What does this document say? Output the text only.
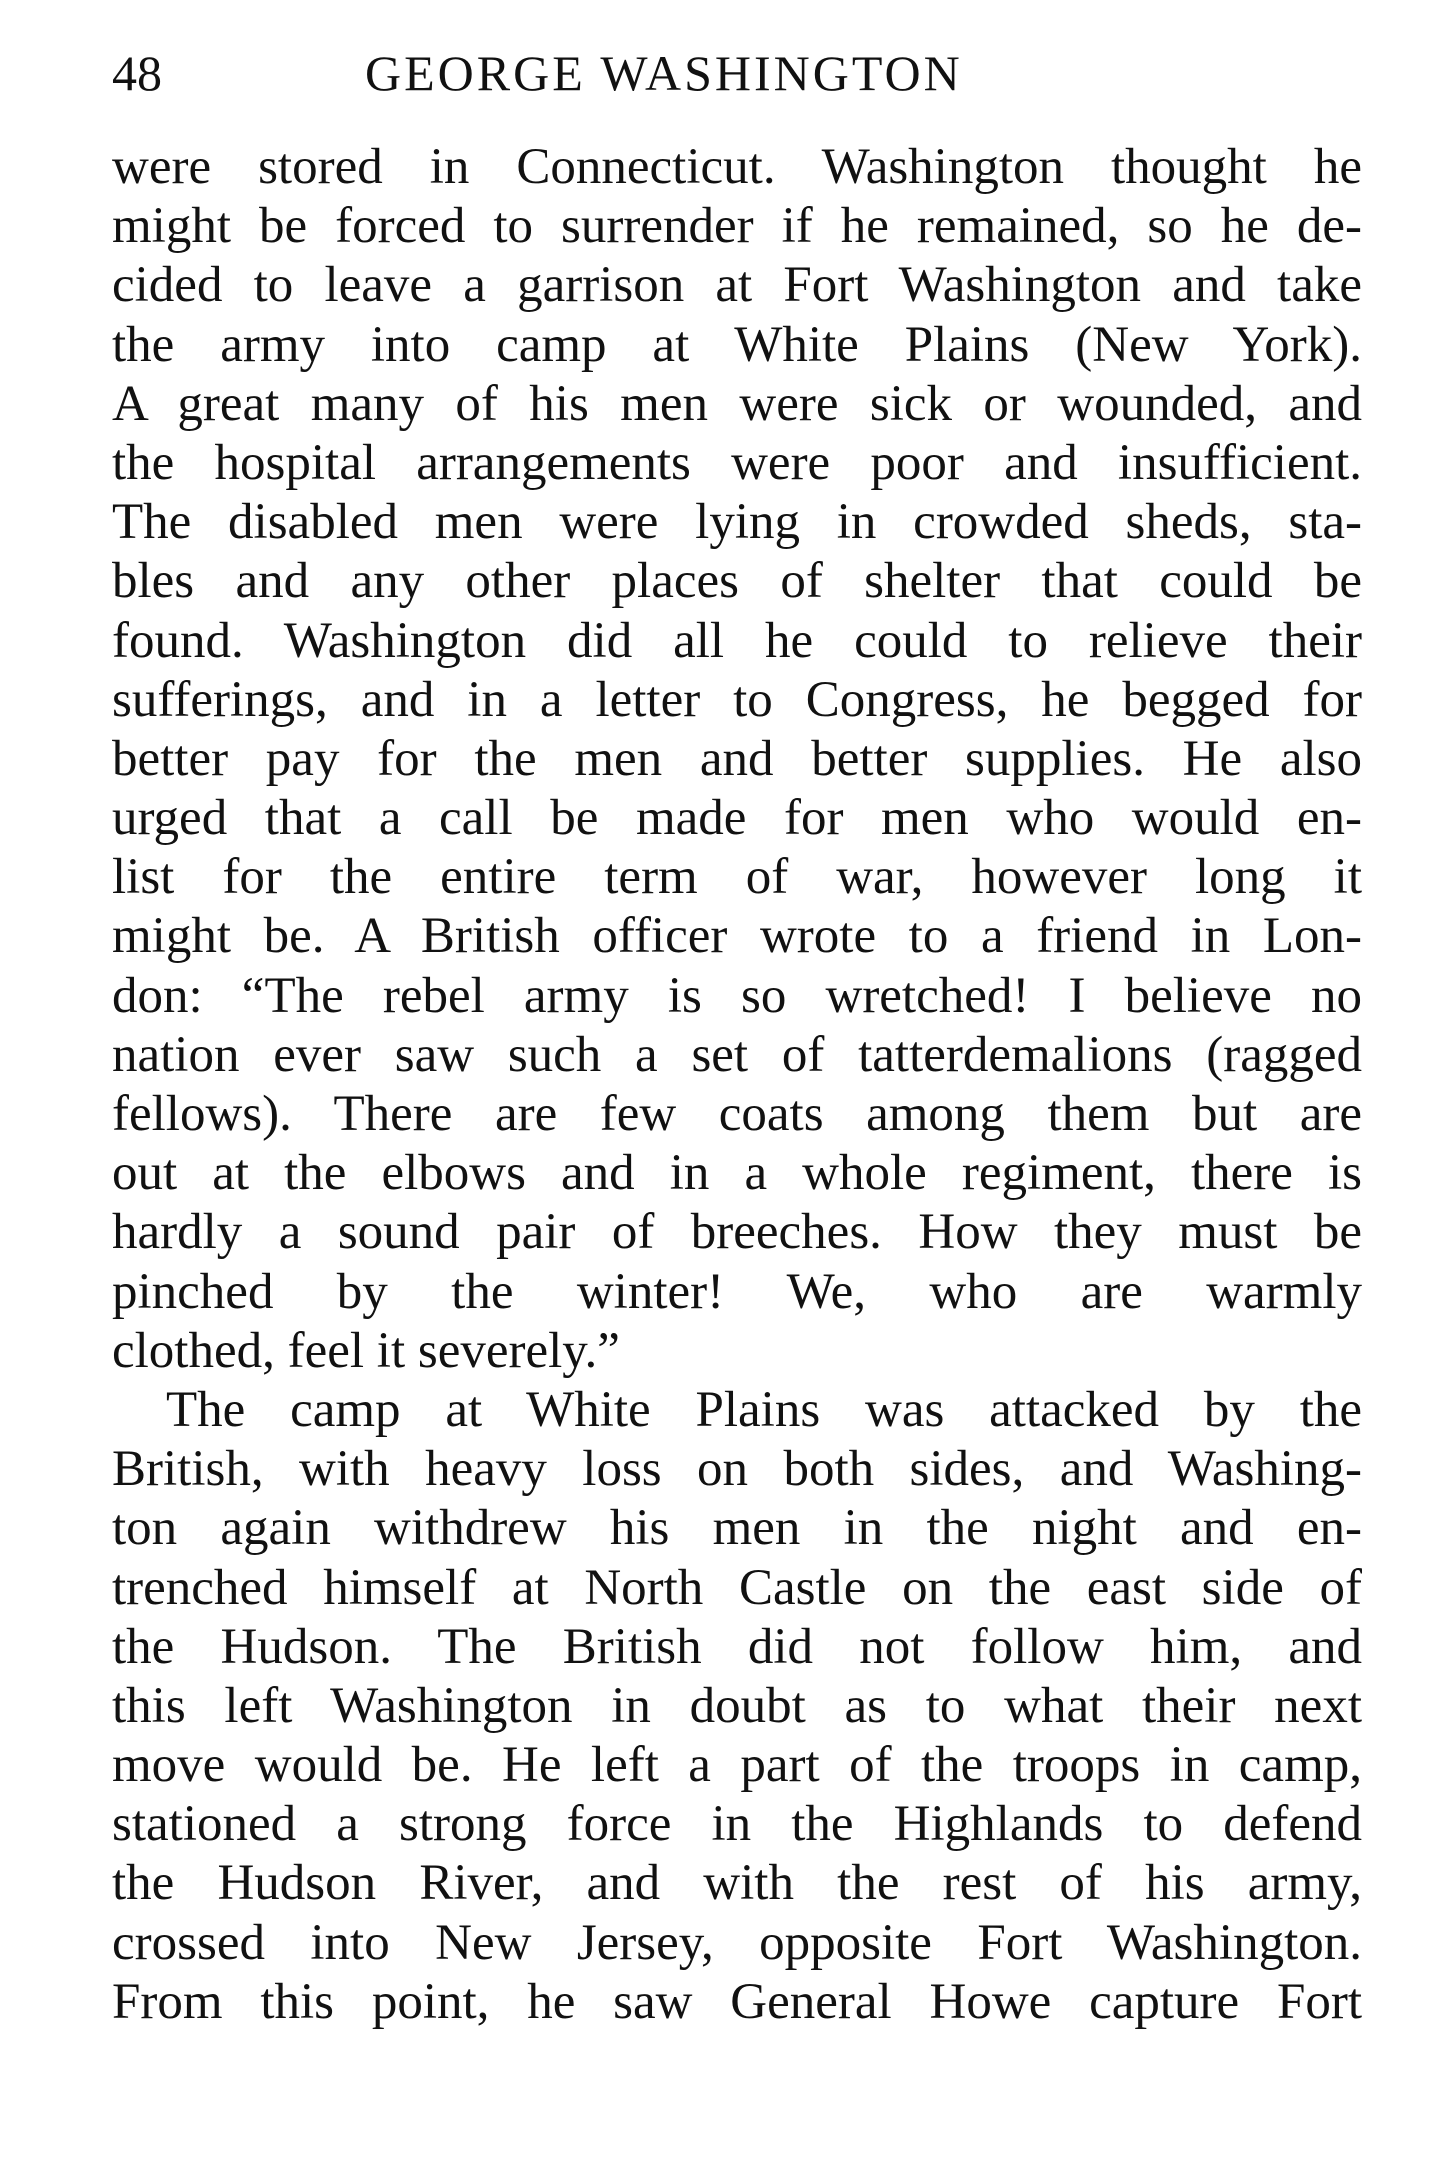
48	GEORGE WASHINGTON
were stored in Connecticut. Washington thought he
might be forced to surrender if he remained, so he de-
cided to leave a garrison at Fort Washington and take
the army into camp at White Plains (New York).
A great many of his men were sick or wounded, and
the hospital arrangements were poor and insufficient.
The disabled men were lying in crowded sheds, sta-
bles and any other places of shelter that could be
found. Washington did all he could to relieve their
sufferings, and in a letter to Congress, he begged for
better pay for the men and better supplies. He also
urged that a call be made for men who would en-
list for the entire term of war, however long it
might be. A British officer wrote to a friend in Lon-
don: “The rebel army is so wretched! I believe no
nation ever saw such a set of tatterdemalions (ragged
fellows). There are few coats among them but are
out at the elbows and in a whole regiment, there is
hardly a sound pair of breeches. How they must be
pinched by the winter! We, who are warmly
clothed, feel it severely.”
The camp at White Plains was attacked by the
British, with heavy loss on both sides, and Washing-
ton again withdrew his men in the night and en-
trenched himself at North Castle on the east side of
the Hudson. The British did not follow him, and
this left Washington in doubt as to what their next
move would be. He left a part of the troops in camp,
stationed a strong force in the Highlands to defend
the Hudson River, and with the rest of his army,
crossed into New Jersey, opposite Fort Washington.
From this point, he saw General Howe capture Fort
